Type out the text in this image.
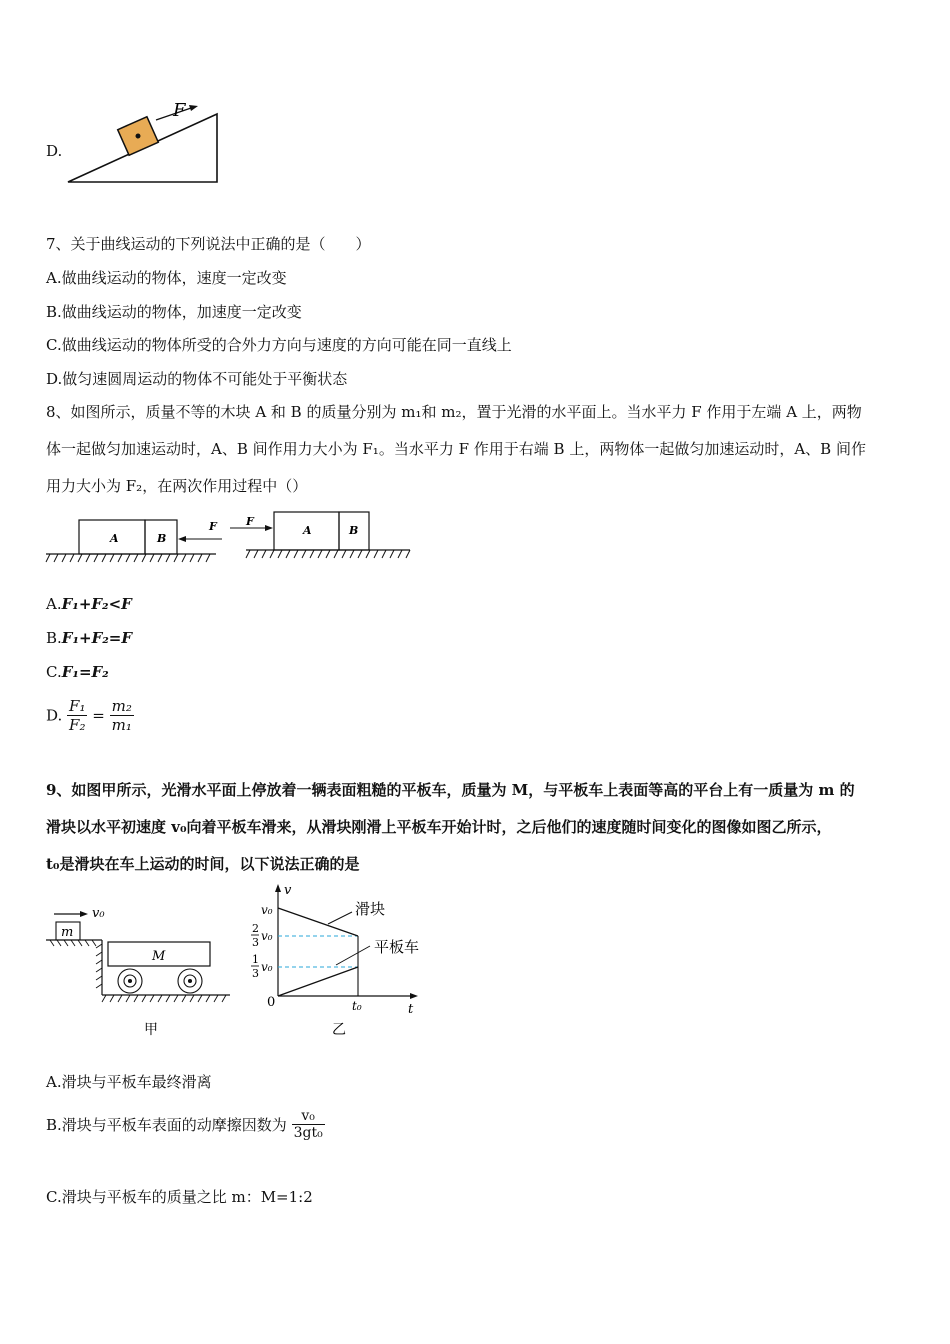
D.
F
7、关于曲线运动的下列说法中正确的是（　　）
A.做曲线运动的物体，速度一定改变
B.做曲线运动的物体，加速度一定改变
C.做曲线运动的物体所受的合外力方向与速度的方向可能在同一直线上
D.做匀速圆周运动的物体不可能处于平衡状态
8、如图所示，质量不等的木块 A 和 B 的质量分别为 m₁和 m₂，置于光滑的水平面上。当水平力 F 作用于左端 A 上，两物
体一起做匀加速运动时，A、B 间作用力大小为 F₁。当水平力 F 作用于右端 B 上，两物体一起做匀加速运动时，A、B 间作
用力大小为 F₂，在两次作用过程中（）
A	B
F	F
A	B
A.F₁+F₂<F
B.F₁+F₂=F
C.F₁=F₂
D. $\frac{\text{F₁}}{\text{F₂}} = \frac{\text{m₂}}{\text{m₁}}$
9、如图甲所示，光滑水平面上停放着一辆表面粗糙的平板车，质量为 M，与平板车上表面等高的平台上有一质量为 m 的
滑块以水平初速度 v₀向着平板车滑来，从滑块刚滑上平板车开始计时，之后他们的速度随时间变化的图像如图乙所示，
t₀是滑块在车上运动的时间，以下说法正确的是
v₀
m
M
甲
v
t
0
v₀
2
3 v₀
1
3 v₀
滑块
平板车
t₀
乙
A.滑块与平板车最终滑离
B.滑块与平板车表面的动摩擦因数为 $\frac{\text{v₀}}{\text{3gt₀}}$
C.滑块与平板车的质量之比 m：M=1:2
